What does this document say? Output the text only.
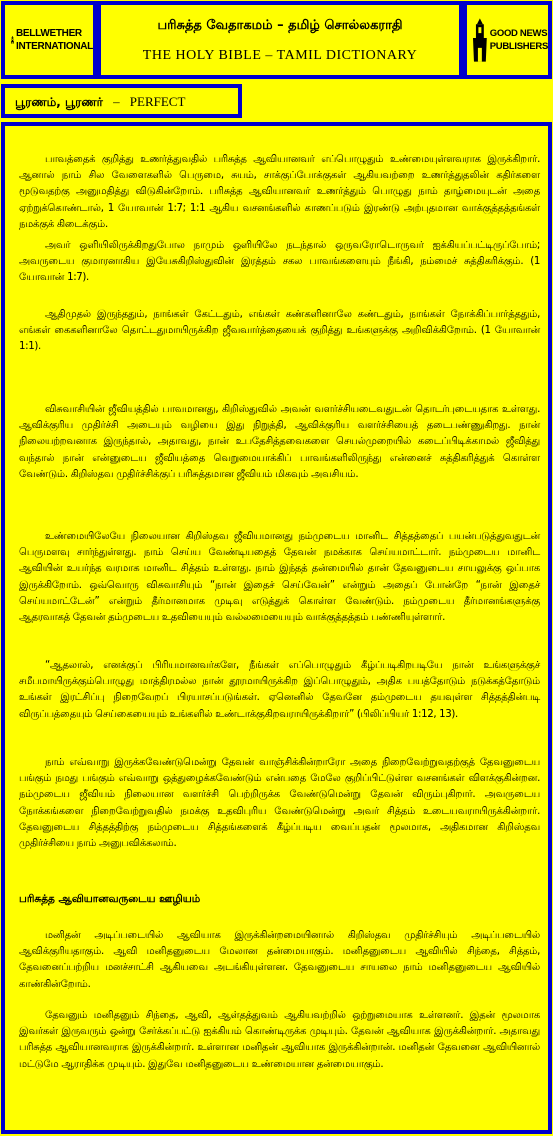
BELLWETHER
INTERNATIONAL
பரிசுத்த வேதாகமம் – தமிழ் சொல்லகராதி
THE HOLY BIBLE – TAMIL DICTIONARY
GOOD NEWS
PUBLISHERS
பூரணம், பூரணர் – PERFECT

பாவத்தைக் குறித்து உணர்த்துவதில் பரிசுத்த ஆவியானவர் எப்பொழுதும் உண்மையுள்ளவராக இருக்கிறார். ஆனால் நாம் சில வேளைகளில் பெருமை, சுயம், சாக்குப்போக்குகள் ஆகியவற்றை உணர்த்துதலின் கதிர்களை மூடுவதற்கு அனுமதித்து விடுகின்றோம். பரிசுத்த ஆவியானவர் உணர்த்தும் பொழுது நாம் தாழ்மையுடன் அதை ஏற்றுக்கொண்டால், 1 யோவான் 1:7; 1:1 ஆகிய வசனங்களில் காணப்படும் இரண்டு அற்புதமான வாக்குத்தத்தங்கள் நமக்குக் கிடைக்கும்.

அவர் ஒளியிலிருக்கிறதுபோல நாமும் ஒளியிலே நடந்தால் ஒருவரோடொருவர் ஐக்கியப்பட்டிருப்போம்; அவருடைய குமாரனாகிய இயேசுகிறிஸ்துவின் இரத்தம் சகல பாவங்களையும் நீங்கி, நம்மைச் சுத்திகரிக்கும். (1 யோவான் 1:7).

ஆதிமுதல் இருந்ததும், நாங்கள் கேட்டதும், எங்கள் கண்களினாலே கண்டதும், நாங்கள் நோக்கிப்பார்த்ததும், எங்கள் கைகளினாலே தொட்டதுமாயிருக்கிற ஜீவவார்த்தையைக் குறித்து உங்களுக்கு அறிவிக்கிறோம். (1 யோவான் 1:1).

விசுவாசியின் ஜீவியத்தில் பாவமானது, கிறிஸ்துவில் அவன் வளர்ச்சியடைவதுடன் தொடர்புடையதாக உள்ளது. ஆவிக்குரிய முதிர்ச்சி அடையும் வழியை இது நிறுத்தி, ஆவிக்குரிய வளர்ச்சியைத் தடைபண்ணுகிறது. நான் நிலையற்றவனாக இருந்தால், அதாவது, நான் உபதேசித்தவைகளை செயல்முறையில் கடைப்பிடிக்காமல் ஜீவித்து வந்தால் நான் என்னுடைய ஜீவியத்தை வெறுமையாக்கிப் பாவங்களிலிருந்து என்னைச் சுத்திகரித்துக் கொள்ள வேண்டும். கிறிஸ்தவ முதிர்ச்சிக்குப் பரிசுத்தமான ஜீவியம் மிகவும் அவசியம்.

உண்மையிலேயே நிலையான கிறிஸ்தவ ஜீவியமானது நம்முடைய மானிட சித்தத்தைப் பயன்படுத்துவதுடன் பெருமளவு சார்ந்துள்ளது. நாம் செய்ய வேண்டியதைத் தேவன் நமக்காக செய்யமாட்டார். நம்முடைய மானிட ஆவியின் உயர்ந்த வரமாக மானிட சித்தம் உள்ளது. நாம் இந்தத் தன்மையில் தான் தேவனுடைய சாயலுக்கு ஒப்பாக இருக்கிறோம். ஒவ்வொரு விசுவாசியும் “நான் இதைச் செய்வேன்” என்றும் அதைப் போன்றே “நான் இதைச் செய்யமாட்டேன்” என்றும் தீர்மானமாக முடிவு எடுத்துக் கொள்ள வேண்டும். நம்முடைய தீர்மானங்களுக்கு ஆதரவாகத் தேவன் தம்முடைய உதவியையும் வல்லமையையும் வாக்குத்தத்தம் பண்ணியுள்ளார்.

“ஆதலால், எனக்குப் பிரியமானவர்களே, நீங்கள் எப்பொழுதும் கீழ்ப்படிகிறபடியே நான் உங்களுக்குச் சமீபமாயிருக்கும்பொழுது மாத்திரமல்ல நான் தூரமாயிருக்கிற இப்பொழுதும், அதிக பயத்தோடும் நடுக்கத்தோடும் உங்கள் இரட்சிப்பு நிறைவேறப் பிரயாசப்படுங்கள். ஏனெனில் தேவனே தம்முடைய தயவுள்ள சித்தத்தின்படி விருப்பத்தையும் செய்கையையும் உங்களில் உண்டாக்குகிறவராயிருக்கிறார்” (பிலிப்பியர் 1:12, 13).

நாம் எவ்வாறு இருக்கவேண்டுமென்று தேவன் வாஞ்சிக்கின்றாரோ அதை நிறைவேற்றுவதற்குத் தேவனுடைய பங்கும் நமது பங்கும் எவ்வாறு ஒத்துழைக்கவேண்டும் என்பதை மேலே குறிப்பிட்டுள்ள வசனங்கள் விளக்குகின்றன. நம்முடைய ஜீவியம் நிலையான வளர்ச்சி பெற்றிருக்க வேண்டுமென்று தேவன் விரும்புகிறார். அவருடைய நோக்கங்களை நிறைவேற்றுவதில் நமக்கு உதவிபுரிய வேண்டுமென்று அவர் சித்தம் உடையவராயிருக்கின்றார். தேவனுடைய சித்தத்திற்கு நம்முடைய சித்தங்களைக் கீழ்ப்படிய வைப்பதன் மூலமாக, அதிகமான கிறிஸ்தவ முதிர்ச்சியை நாம் அனுபவிக்கலாம்.

பரிசுத்த ஆவியானவருடைய ஊழியம்

மனிதன் அடிப்படையில் ஆவியாக இருக்கின்றமையினால் கிறிஸ்தவ முதிர்ச்சியும் அடிப்படையில் ஆவிக்குரியதாகும். ஆவி மனிதனுடைய மேலான தன்மையாகும். மனிதனுடைய ஆவியில் சிந்தை, சித்தம், தேவனைப்பற்றிய மனச்சாட்சி ஆகியவை அடங்கியுள்ளன. தேவனுடைய சாயலை நாம் மனிதனுடைய ஆவியில் காண்கின்றோம்.

தேவனும் மனிதனும் சிந்தை, ஆவி, ஆள்தத்துவம் ஆகியவற்றில் ஒற்றுமையாக உள்ளனர். இதன் மூலமாக இவர்கள் இருவரும் ஒன்று சேர்க்கப்பட்டு ஐக்கியம் கொண்டிருக்க முடியும். தேவன் ஆவியாக இருக்கின்றார். அதாவது பரிசுத்த ஆவியானவராக இருக்கின்றார். உள்ளான மனிதன் ஆவியாக இருக்கின்றான். மனிதன் தேவனை ஆவியினால் மட்டுமே ஆராதிக்க முடியும். இதுவே மனிதனுடைய உண்மையான தன்மையாகும்.
